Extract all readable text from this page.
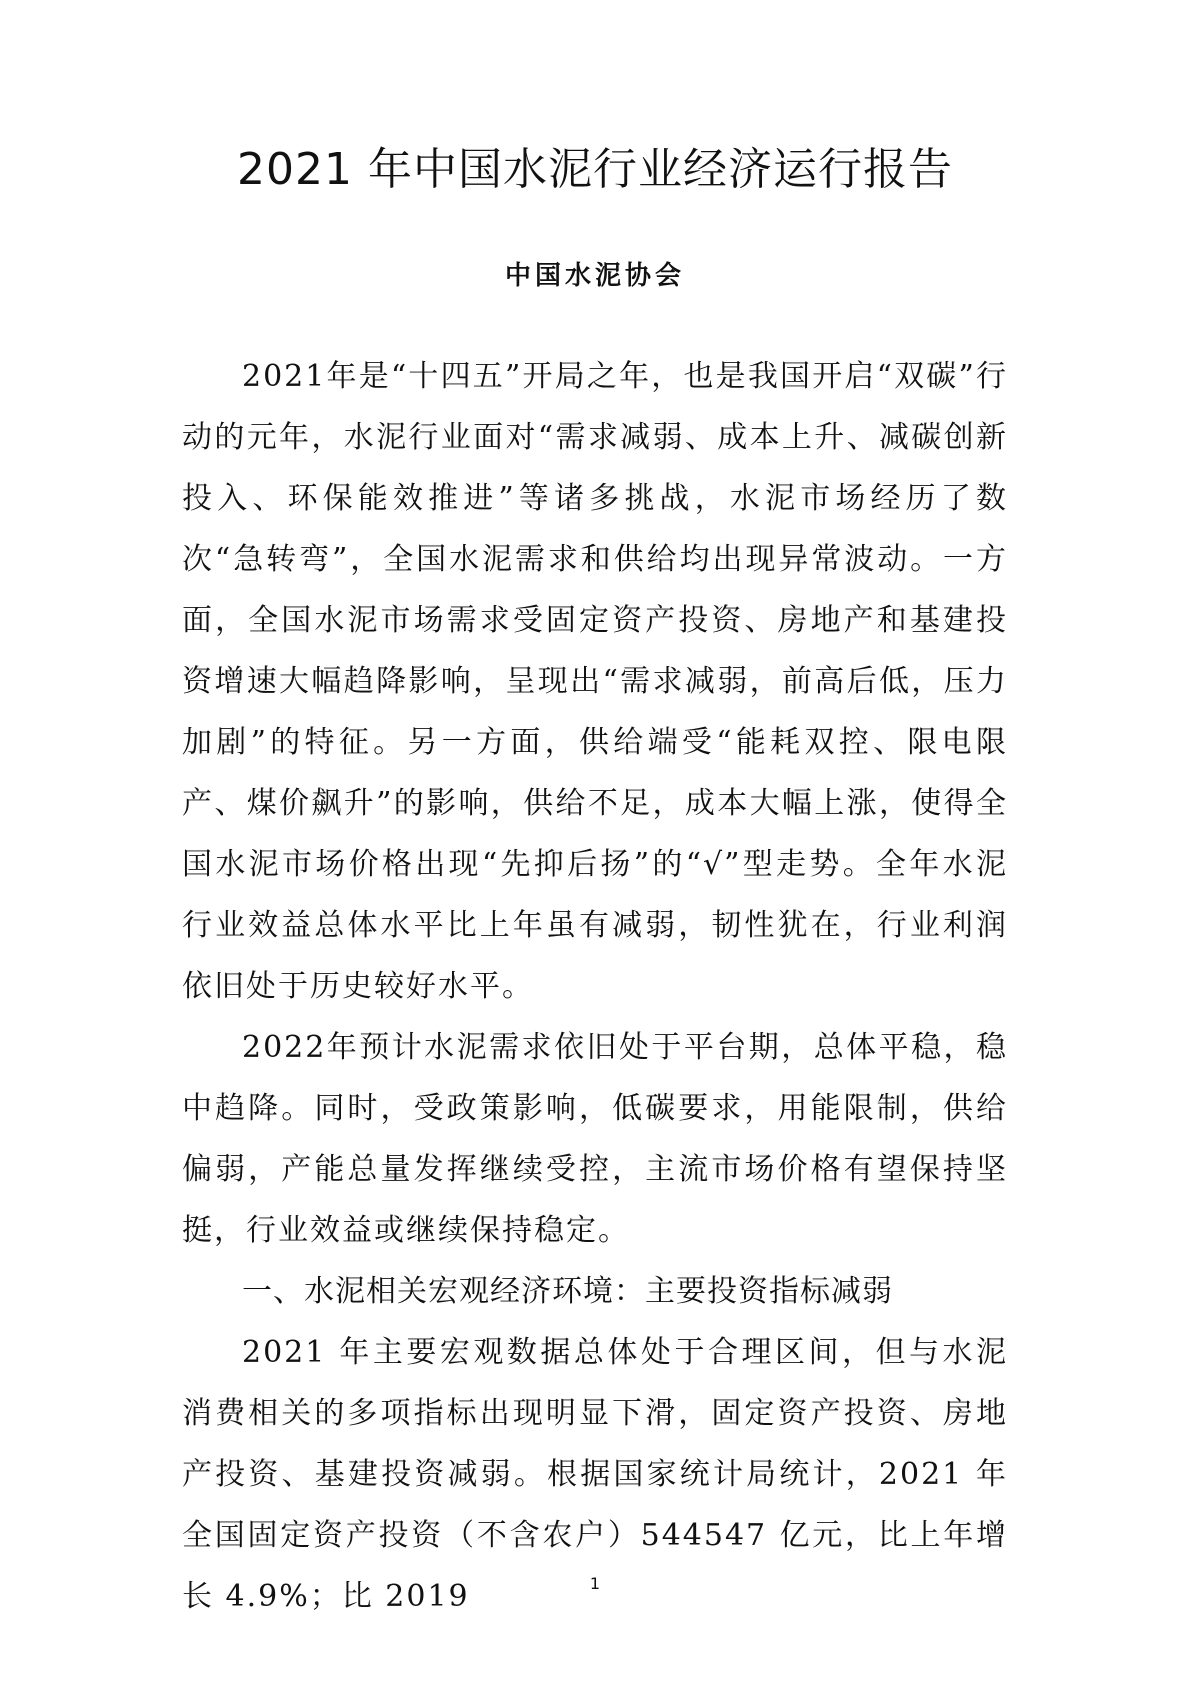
2021 年中国水泥行业经济运行报告
中国水泥协会

2021年是“十四五”开局之年，也是我国开启“双碳”行动的元年，水泥行业面对“需求减弱、成本上升、减碳创新投入、环保能效推进”等诸多挑战，水泥市场经历了数次“急转弯”，全国水泥需求和供给均出现异常波动。一方面，全国水泥市场需求受固定资产投资、房地产和基建投资增速大幅趋降影响，呈现出“需求减弱，前高后低，压力加剧”的特征。另一方面，供给端受“能耗双控、限电限产、煤价飙升”的影响，供给不足，成本大幅上涨，使得全国水泥市场价格出现“先抑后扬”的“√”型走势。全年水泥行业效益总体水平比上年虽有减弱，韧性犹在，行业利润依旧处于历史较好水平。

2022年预计水泥需求依旧处于平台期，总体平稳，稳中趋降。同时，受政策影响，低碳要求，用能限制，供给偏弱，产能总量发挥继续受控，主流市场价格有望保持坚挺，行业效益或继续保持稳定。

一、水泥相关宏观经济环境：主要投资指标减弱

2021 年主要宏观数据总体处于合理区间，但与水泥消费相关的多项指标出现明显下滑，固定资产投资、房地产投资、基建投资减弱。根据国家统计局统计，2021 年全国固定资产投资（不含农户）544547 亿元，比上年增长 4.9%；比 2019	1
